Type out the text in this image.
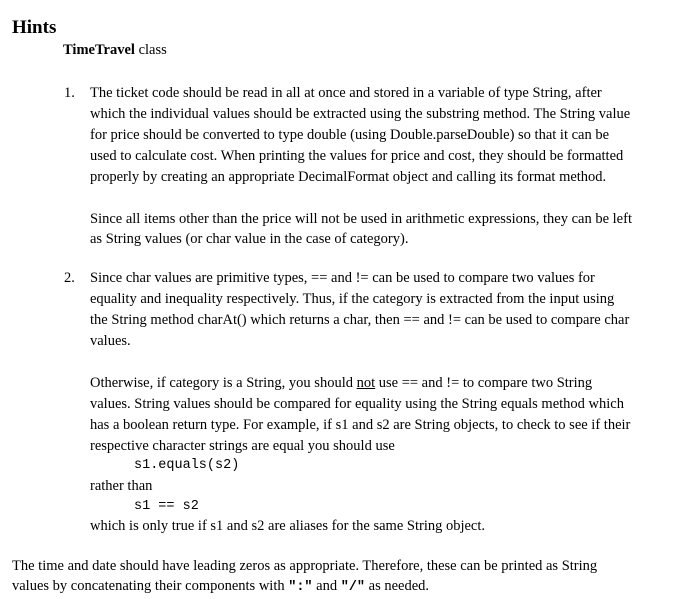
Hints
TimeTravel class
1. The ticket code should be read in all at once and stored in a variable of type String, after
which the individual values should be extracted using the substring method. The String value
for price should be converted to type double (using Double.parseDouble) so that it can be
used to calculate cost. When printing the values for price and cost, they should be formatted
properly by creating an appropriate DecimalFormat object and calling its format method.
Since all items other than the price will not be used in arithmetic expressions, they can be left
as String values (or char value in the case of category).
2. Since char values are primitive types, == and != can be used to compare two values for
equality and inequality respectively. Thus, if the category is extracted from the input using
the String method charAt() which returns a char, then == and != can be used to compare char
values.
Otherwise, if category is a String, you should not use == and != to compare two String
values. String values should be compared for equality using the String equals method which
has a boolean return type. For example, if s1 and s2 are String objects, to check to see if their
respective character strings are equal you should use
s1.equals(s2)
rather than
s1 == s2
which is only true if s1 and s2 are aliases for the same String object.
The time and date should have leading zeros as appropriate. Therefore, these can be printed as String
values by concatenating their components with ":" and "/" as needed.
